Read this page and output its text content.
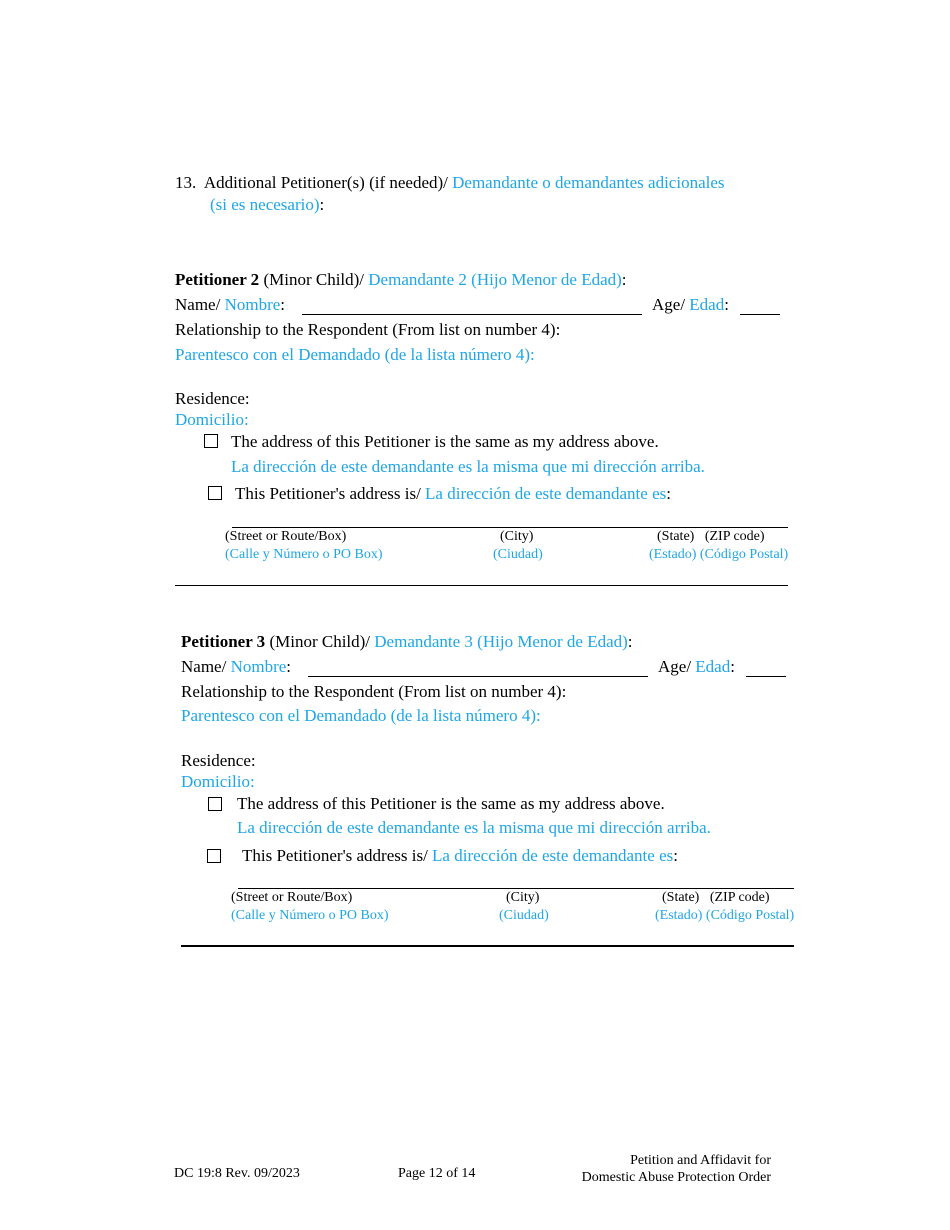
13. Additional Petitioner(s) (if needed)/ Demandante o demandantes adicionales
(si es necesario):
Petitioner 2 (Minor Child)/ Demandante 2 (Hijo Menor de Edad):
Name/ Nombre:	Age/ Edad:
Relationship to the Respondent (From list on number 4):
Parentesco con el Demandado (de la lista número 4):
Residence:
Domicilio:
The address of this Petitioner is the same as my address above.
La dirección de este demandante es la misma que mi dirección arriba.
This Petitioner's address is/ La dirección de este demandante es:
(Street or Route/Box)
(Calle y Número o PO Box)
(City)
(Ciudad)
(State)   (ZIP code)
(Estado) (Código Postal)
Petitioner 3 (Minor Child)/ Demandante 3 (Hijo Menor de Edad):
Name/ Nombre:	Age/ Edad:
Relationship to the Respondent (From list on number 4):
Parentesco con el Demandado (de la lista número 4):
Residence:
Domicilio:
The address of this Petitioner is the same as my address above.
La dirección de este demandante es la misma que mi dirección arriba.
This Petitioner's address is/ La dirección de este demandante es:
(Street or Route/Box)
(Calle y Número o PO Box)
(City)
(Ciudad)
(State)   (ZIP code)
(Estado) (Código Postal)
DC 19:8 Rev. 09/2023	Page 12 of 14
Petition and Affidavit for
Domestic Abuse Protection Order
